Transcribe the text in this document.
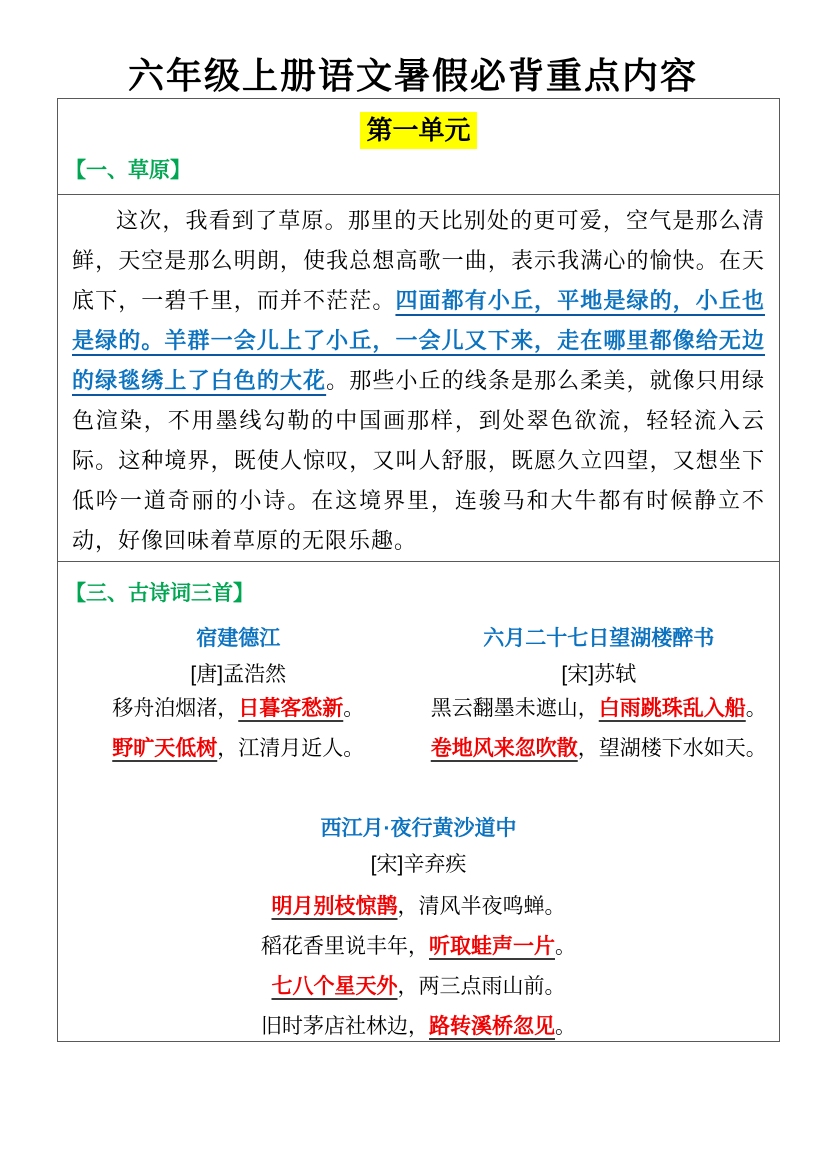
六年级上册语文暑假必背重点内容
第一单元
【一、草原】

这次，我看到了草原。那里的天比别处的更可爱，空气是那么清鲜，天空是那么明朗，使我总想高歌一曲，表示我满心的愉快。在天底下，一碧千里，而并不茫茫。四面都有小丘，平地是绿的，小丘也是绿的。羊群一会儿上了小丘，一会儿又下来，走在哪里都像给无边的绿毯绣上了白色的大花。那些小丘的线条是那么柔美，就像只用绿色渲染，不用墨线勾勒的中国画那样，到处翠色欲流，轻轻流入云际。这种境界，既使人惊叹，又叫人舒服，既愿久立四望，又想坐下低吟一道奇丽的小诗。在这境界里，连骏马和大牛都有时候静立不动，好像回味着草原的无限乐趣。

【三、古诗词三首】
宿建德江
[唐]孟浩然
移舟泊烟渚，日暮客愁新。
野旷天低树，江清月近人。
六月二十七日望湖楼醉书
[宋]苏轼
黑云翻墨未遮山，白雨跳珠乱入船。
卷地风来忽吹散，望湖楼下水如天。
西江月·夜行黄沙道中
[宋]辛弃疾
明月别枝惊鹊，清风半夜鸣蝉。
稻花香里说丰年，听取蛙声一片。
七八个星天外，两三点雨山前。
旧时茅店社林边，路转溪桥忽见。
